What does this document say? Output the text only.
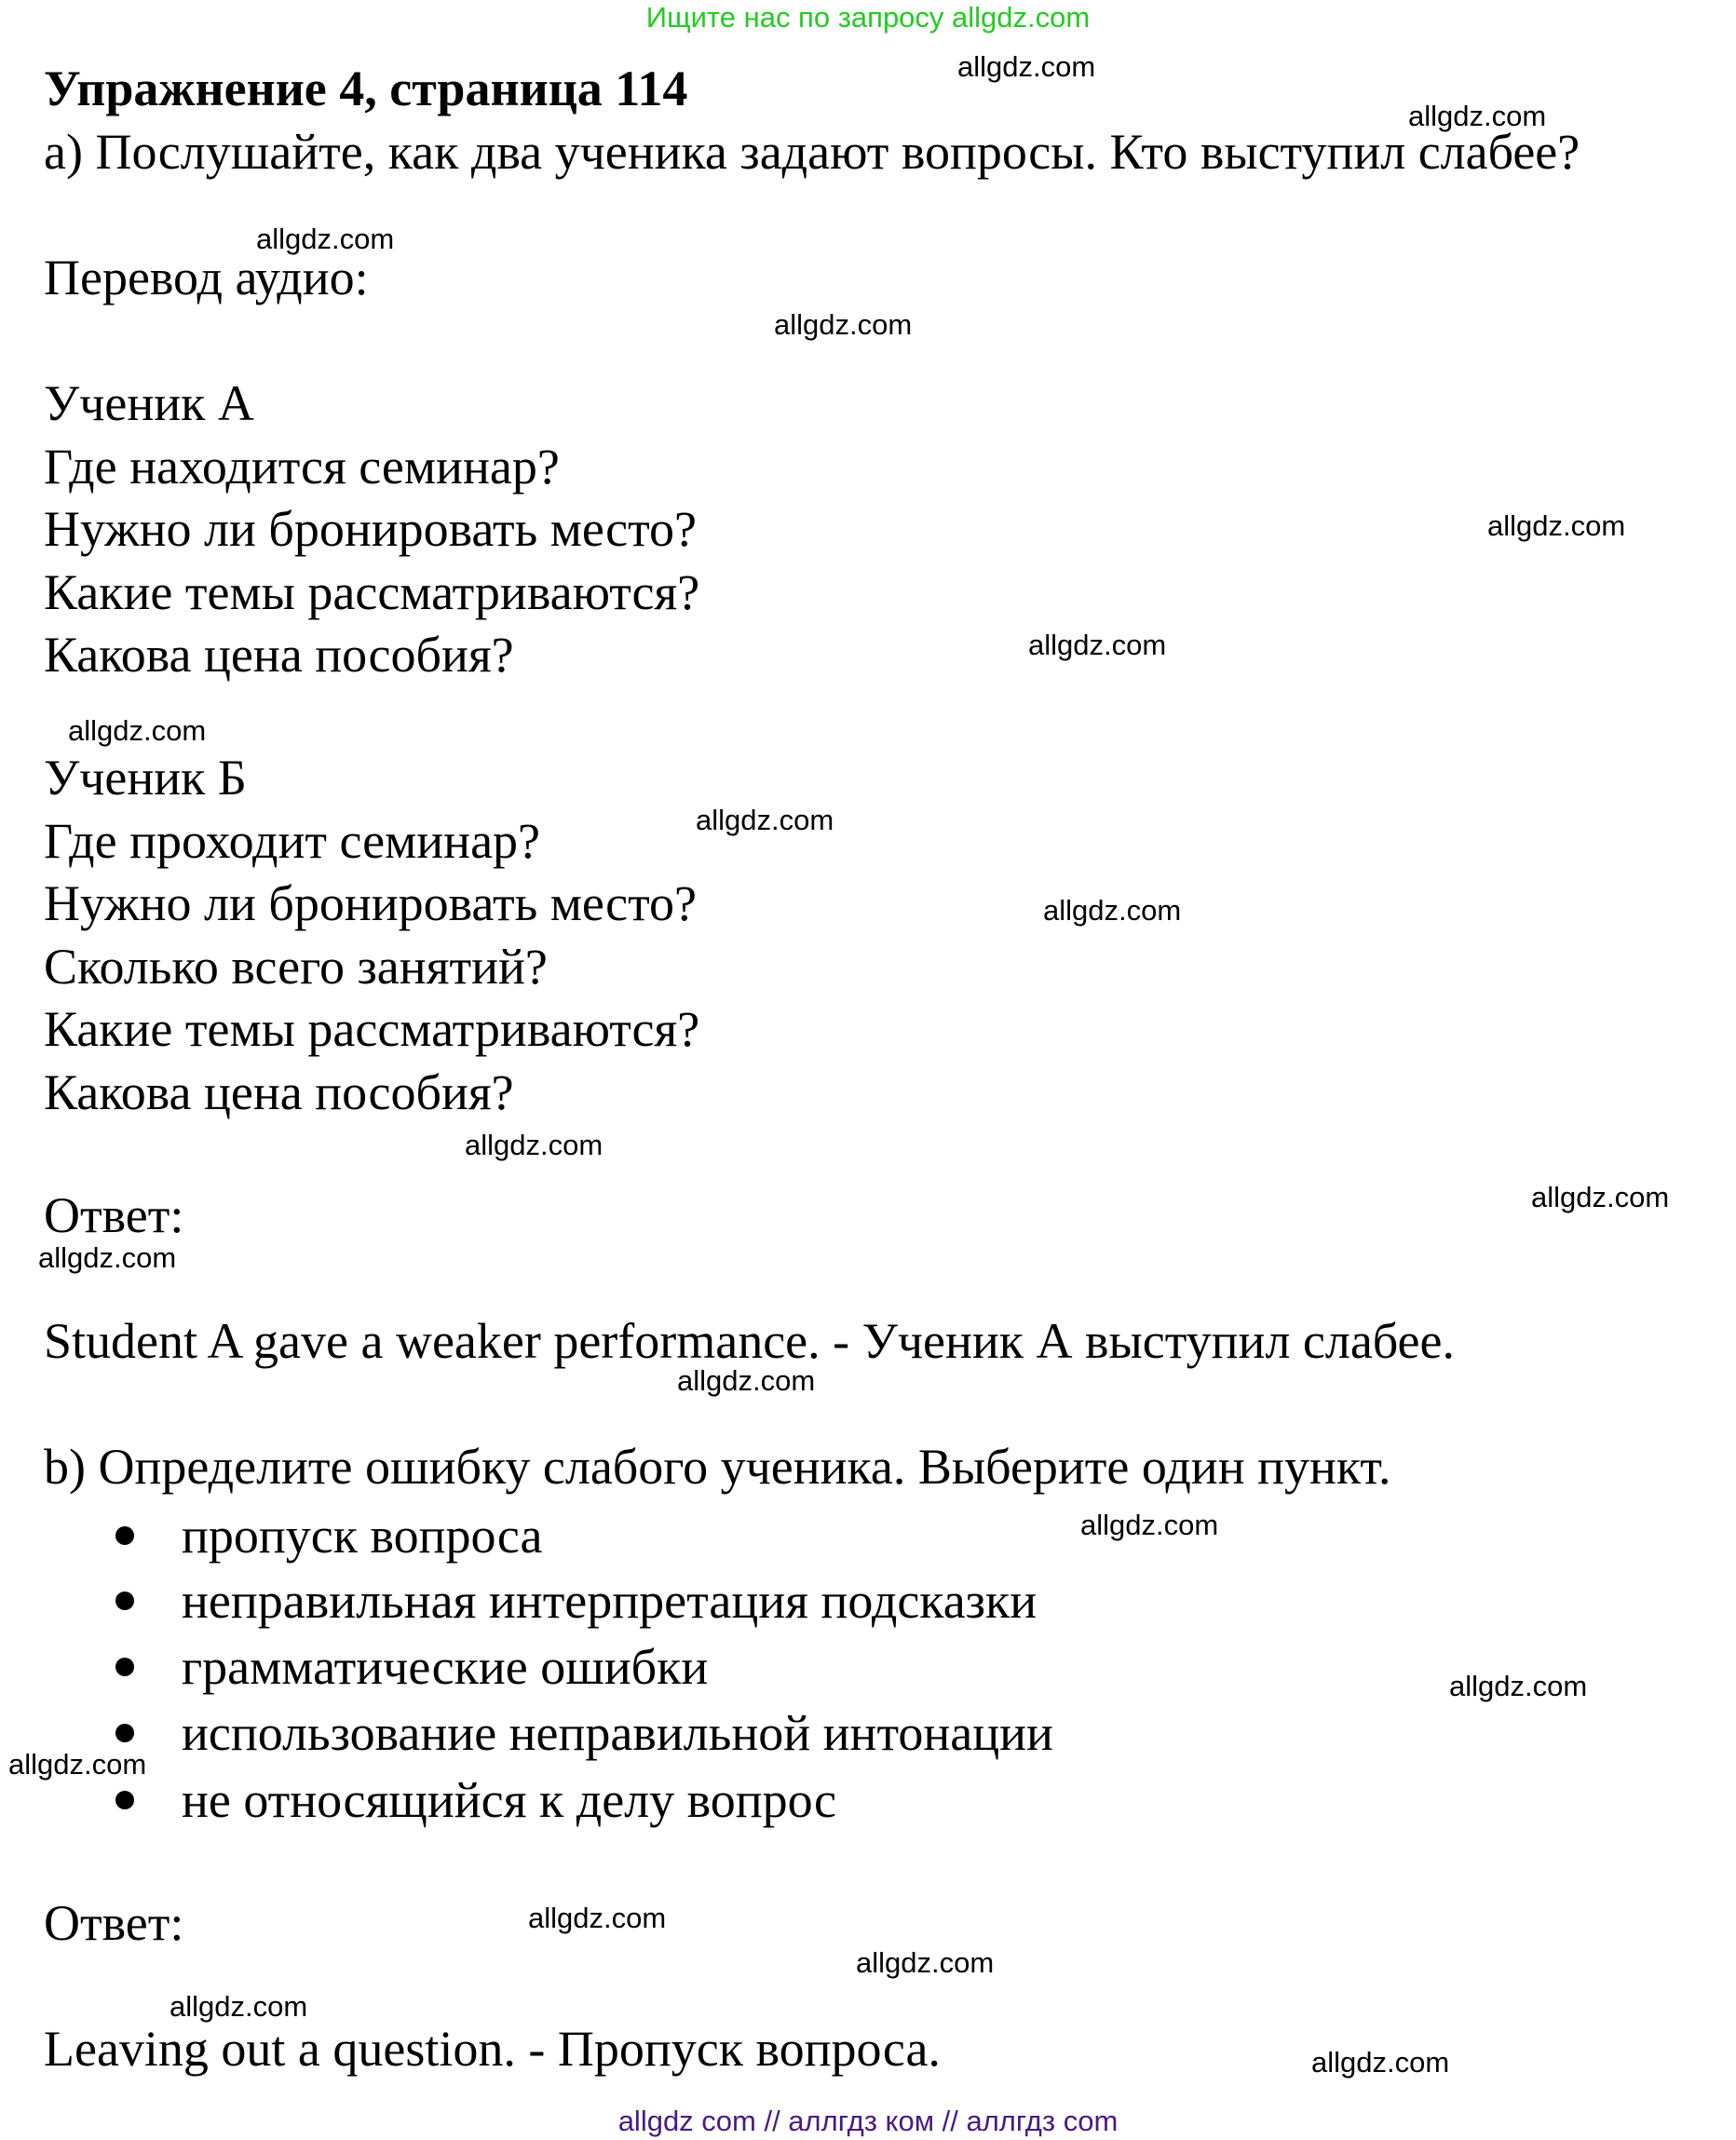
Ищите нас по запросу allgdz.com
Упражнение 4, страница 114
а) Послушайте, как два ученика задают вопросы. Кто выступил слабее?
Перевод аудио:
Ученик А
Где находится семинар?
Нужно ли бронировать место?
Какие темы рассматриваются?
Какова цена пособия?
Ученик Б
Где проходит семинар?
Нужно ли бронировать место?
Сколько всего занятий?
Какие темы рассматриваются?
Какова цена пособия?
Ответ:
Student A gave a weaker performance. - Ученик А выступил слабее.
b) Определите ошибку слабого ученика. Выберите один пункт.
пропуск вопроса
неправильная интерпретация подсказки
грамматические ошибки
использование неправильной интонации
не относящийся к делу вопрос
Ответ:
Leaving out a question. - Пропуск вопроса.
allgdz.com
allgdz.com
allgdz.com
allgdz.com
allgdz.com
allgdz.com
allgdz.com
allgdz.com
allgdz.com
allgdz.com
allgdz.com
allgdz.com
allgdz.com
allgdz.com
allgdz.com
allgdz.com
allgdz.com
allgdz.com
allgdz.com
allgdz.com
allgdz com // аллгдз ком // аллгдз com
